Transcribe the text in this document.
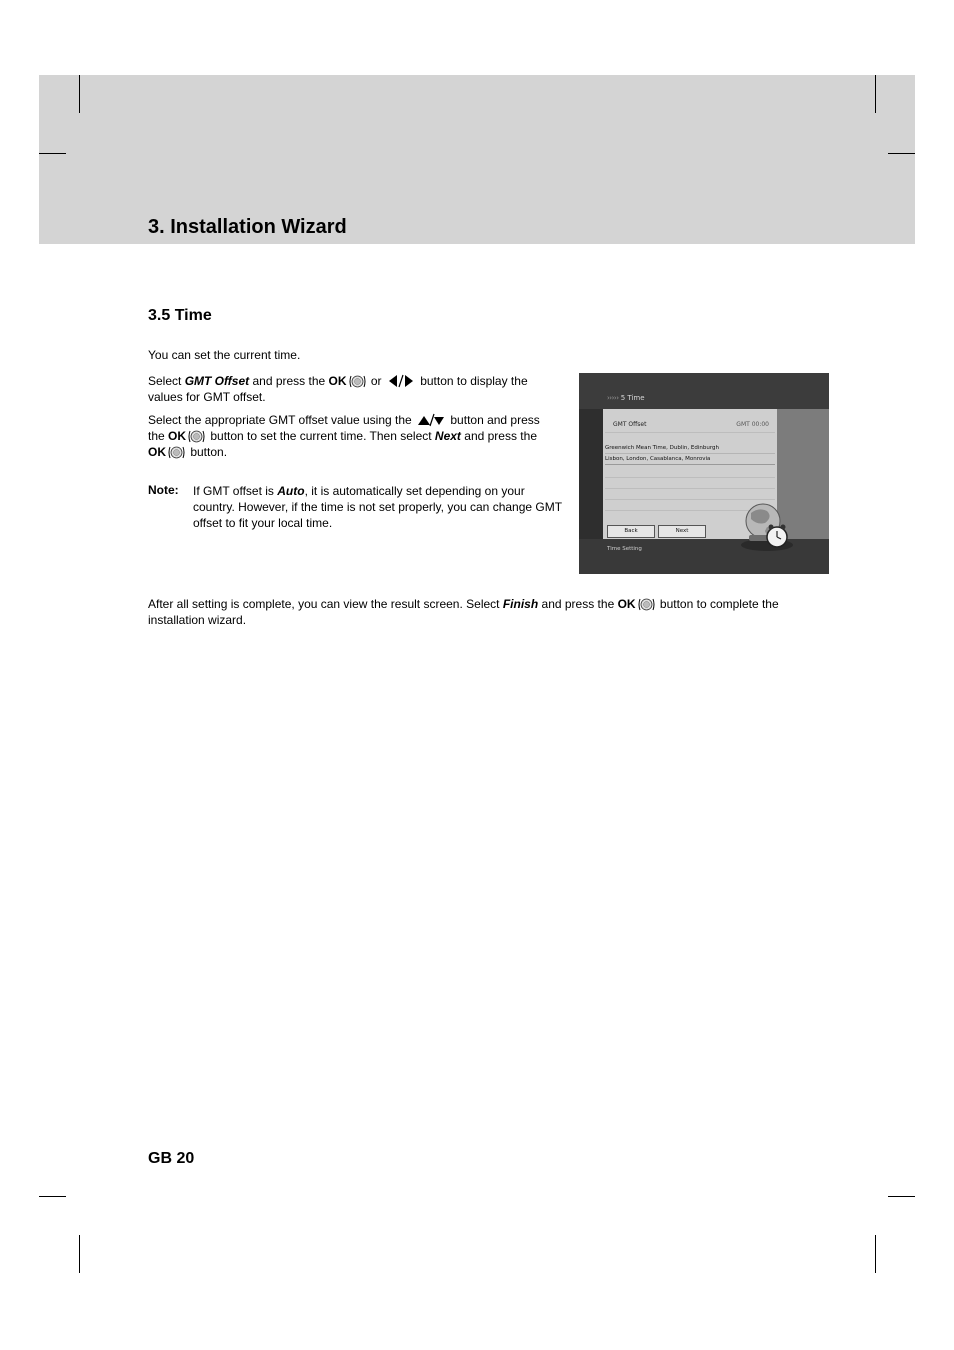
3. Installation Wizard
3.5 Time

You can set the current time.

Select GMT Offset and press the OK
or	button to display the values for GMT offset.

Select the appropriate GMT offset value using the	button and press the OK
button to set the current time. Then select Next and press the OK
button.

Note: If GMT offset is Auto, it is automatically set depending on your country. However, if the time is not set properly, you can change GMT offset to fit your local time.

››››› 5 Time
GMT Offset	GMT 00:00
Greenwich Mean Time, Dublin, Edinburgh
Lisbon, London, Casablanca, Monrovia
Back	Next
Time Setting

After all setting is complete, you can view the result screen. Select Finish and press the OK
button to complete the installation wizard.

GB 20
